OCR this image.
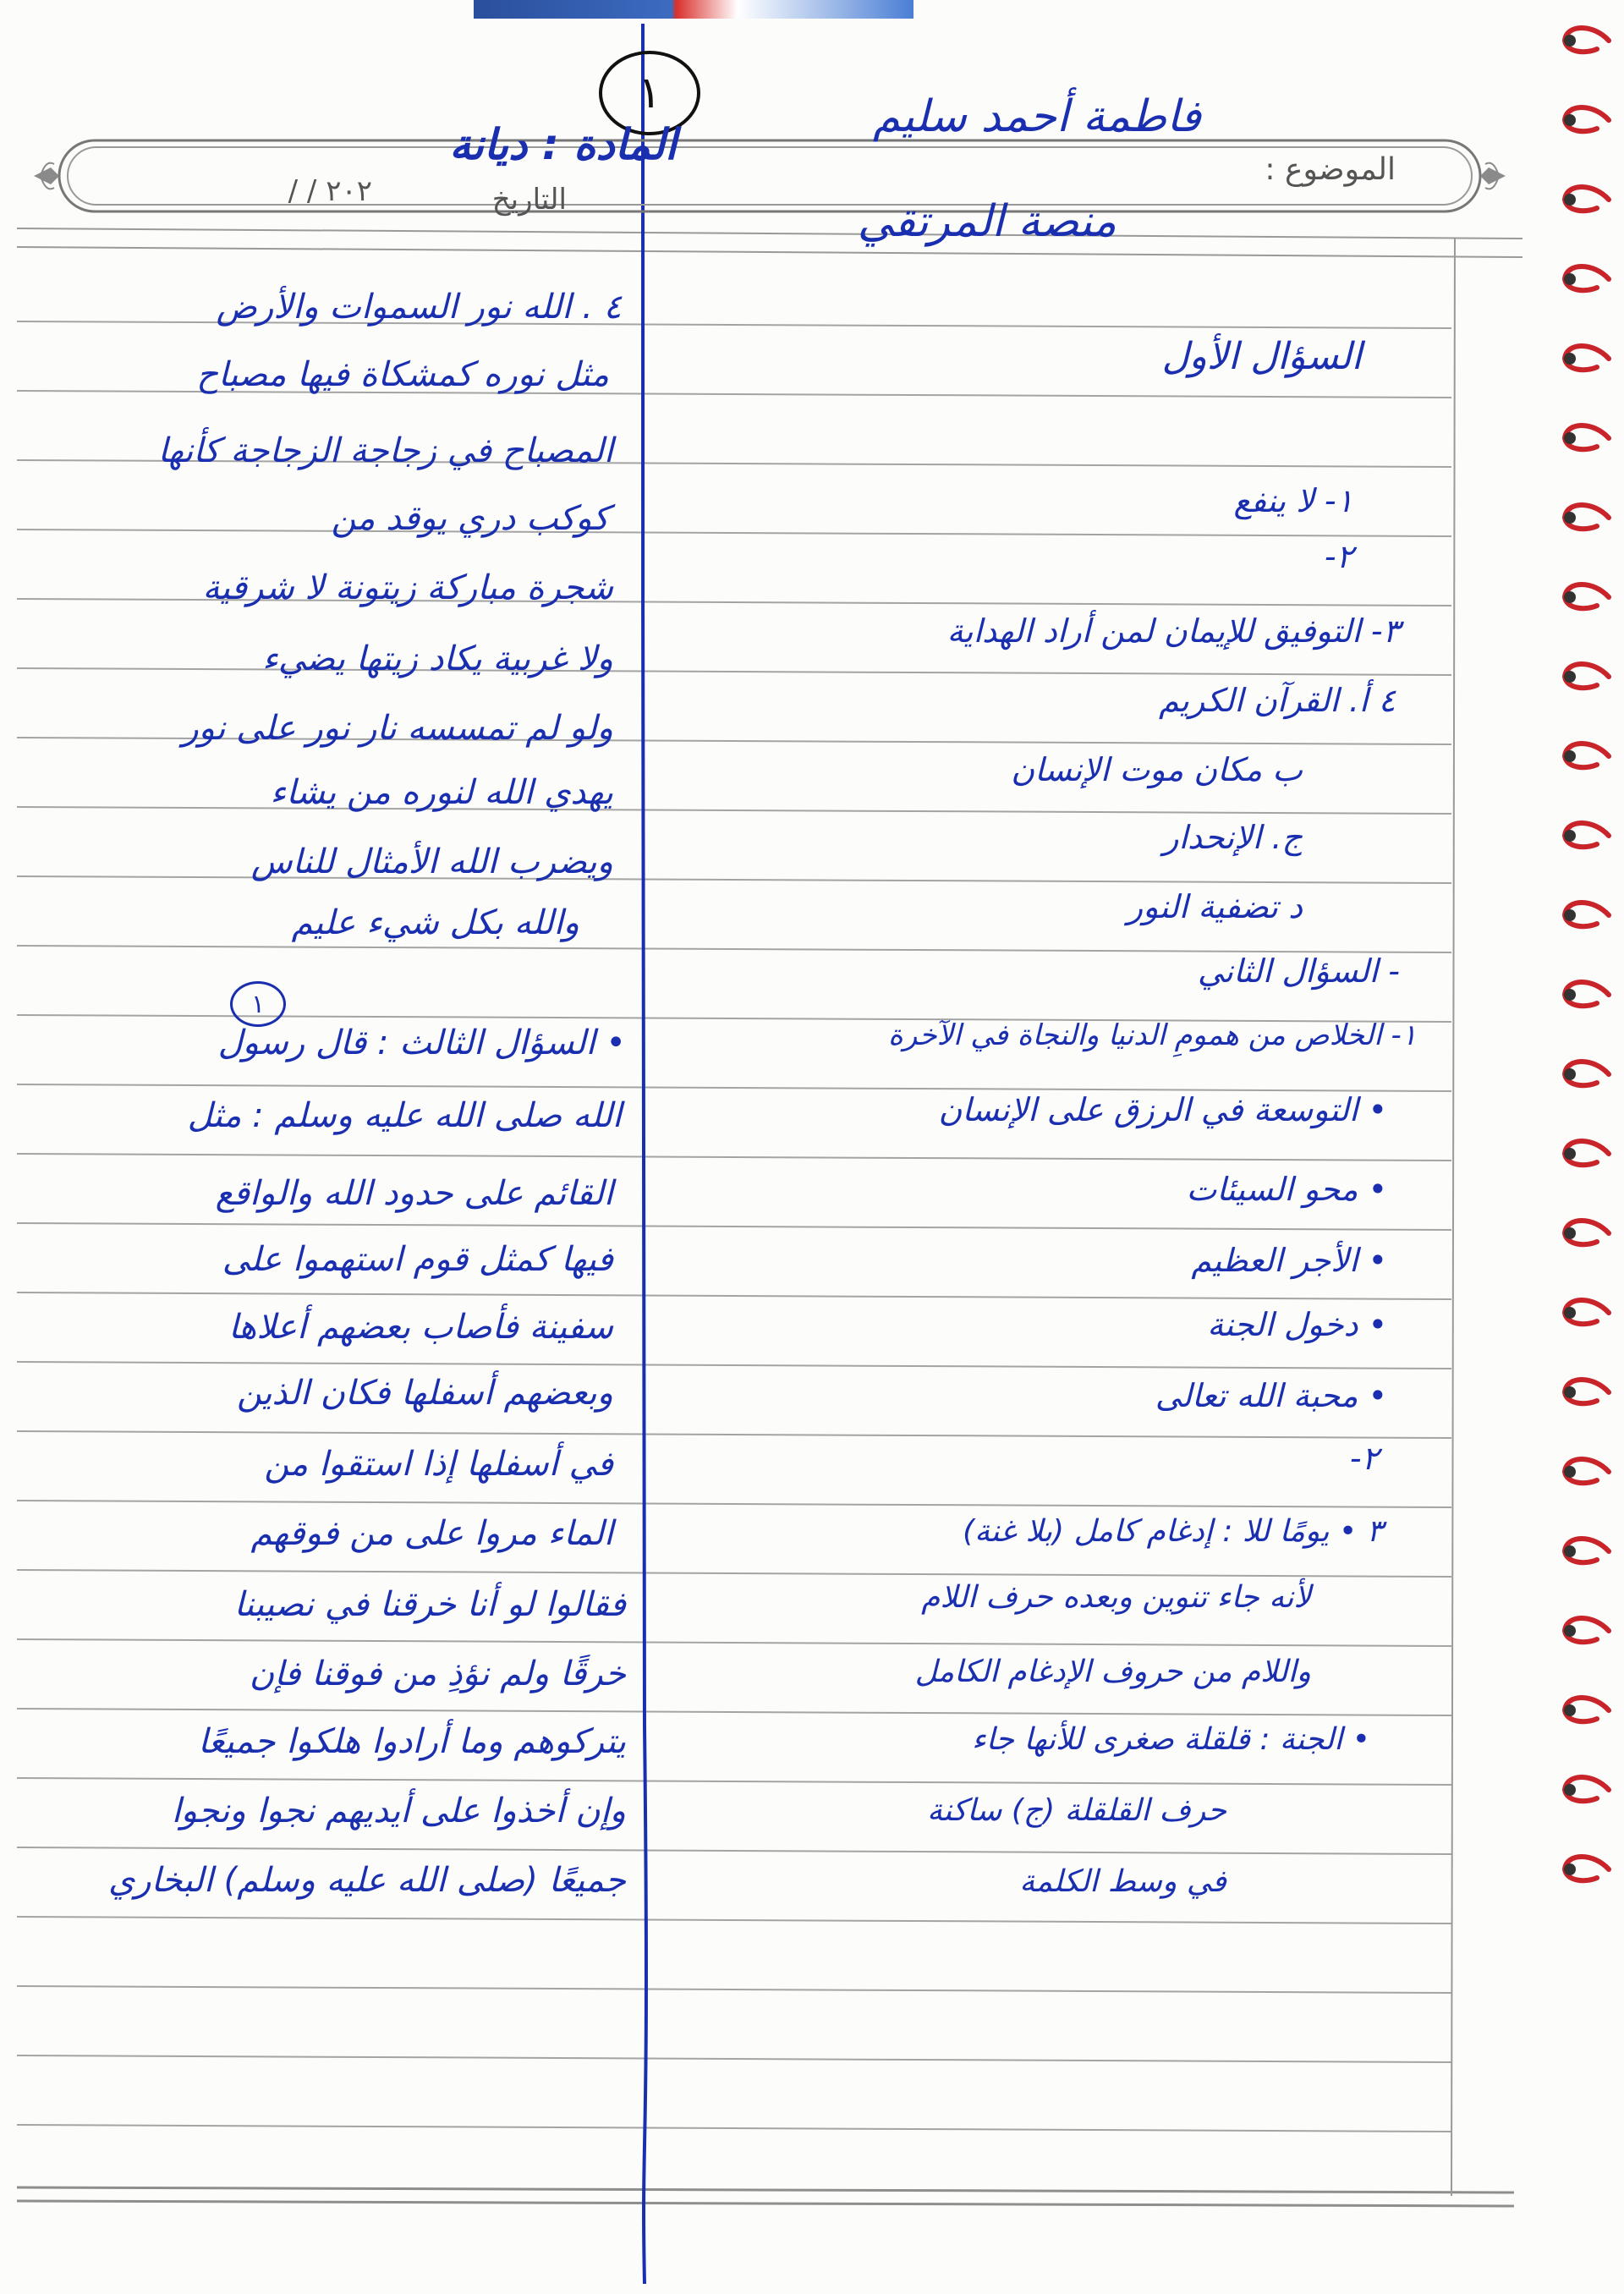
١	فاطمة أحمد سليم
المادة : ديانة
الموضوع :
منصة المرتقي
التاريخ
/ / ٢٠٢
السؤال الأول
١- لا ينفع
٢-
٣- التوفيق للإيمان لمن أراد الهداية
٤ أ. القرآن الكريم
ب مكان موت الإنسان
ج. الإنحدار
د تضفية النور
- السؤال الثاني
١- الخلاص من همومِ الدنيا والنجاة في الآخرة
• التوسعة في الرزق على الإنسان
• محو السيئات
• الأجر العظيم
• دخول الجنة
• محبة الله تعالى
٢-
٣ • يومًا للا : إدغام كامل (بلا غنة)
لأنه جاء تنوين وبعده حرف اللام
واللام من حروف الإدغام الكامل
• الجنة : قلقلة صغرى للأنها جاء
حرف القلقلة (ج) ساكنة
في وسط الكلمة
٤ . الله نور السموات والأرض
مثل نوره كمشكاة فيها مصباح
المصباح في زجاجة الزجاجة كأنها
كوكب دري يوقد من
شجرة مباركة زيتونة لا شرقية
ولا غربية يكاد زيتها يضيء
ولو لم تمسسه نار نور على نور
يهدي الله لنوره من يشاء
ويضرب الله الأمثال للناس
والله بكل شيء عليم
١
• السؤال الثالث : قال رسول
الله صلى الله عليه وسلم : مثل
القائم على حدود الله والواقع
فيها كمثل قوم استهموا على
سفينة فأصاب بعضهم أعلاها
وبعضهم أسفلها فكان الذين
في أسفلها إذا استقوا من
الماء مروا على من فوقهم
فقالوا لو أنا خرقنا في نصيبنا
خرقًا ولم نؤذِ من فوقنا فإن
يتركوهم وما أرادوا هلكوا جميعًا
وإن أخذوا على أيديهم نجوا ونجوا
جميعًا (صلى الله عليه وسلم) البخاري
